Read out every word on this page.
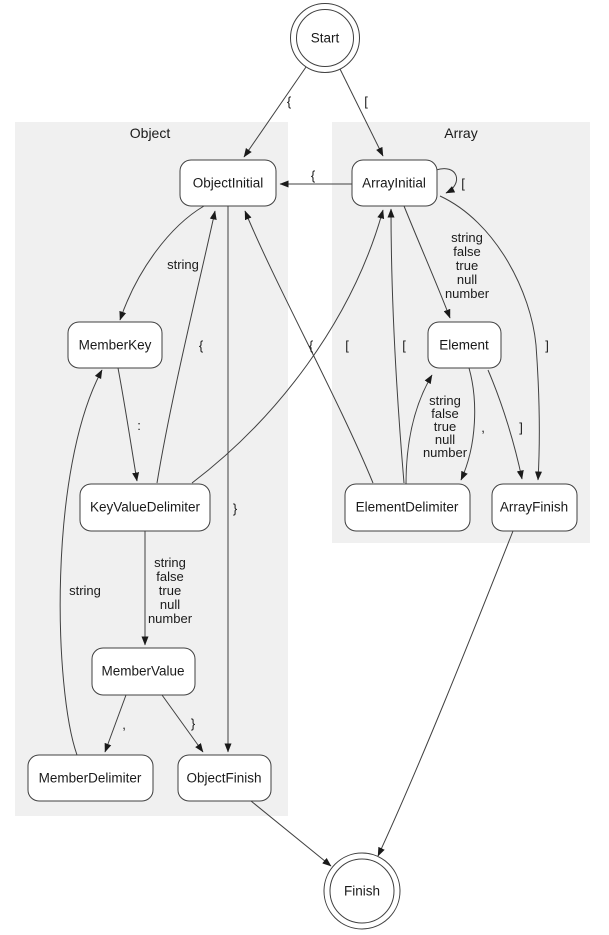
Object	Array
{	[
{
[
string
:
{	[
{	[	]
}
string
,	}
,	]
string
false
true
null
number
string
false
true
null
number
string
false
true
null
number
Start
ObjectInitial	ArrayInitial
MemberKey	Element
KeyValueDelimiter	ElementDelimiter	ArrayFinish
MemberValue
MemberDelimiter	ObjectFinish
Finish
